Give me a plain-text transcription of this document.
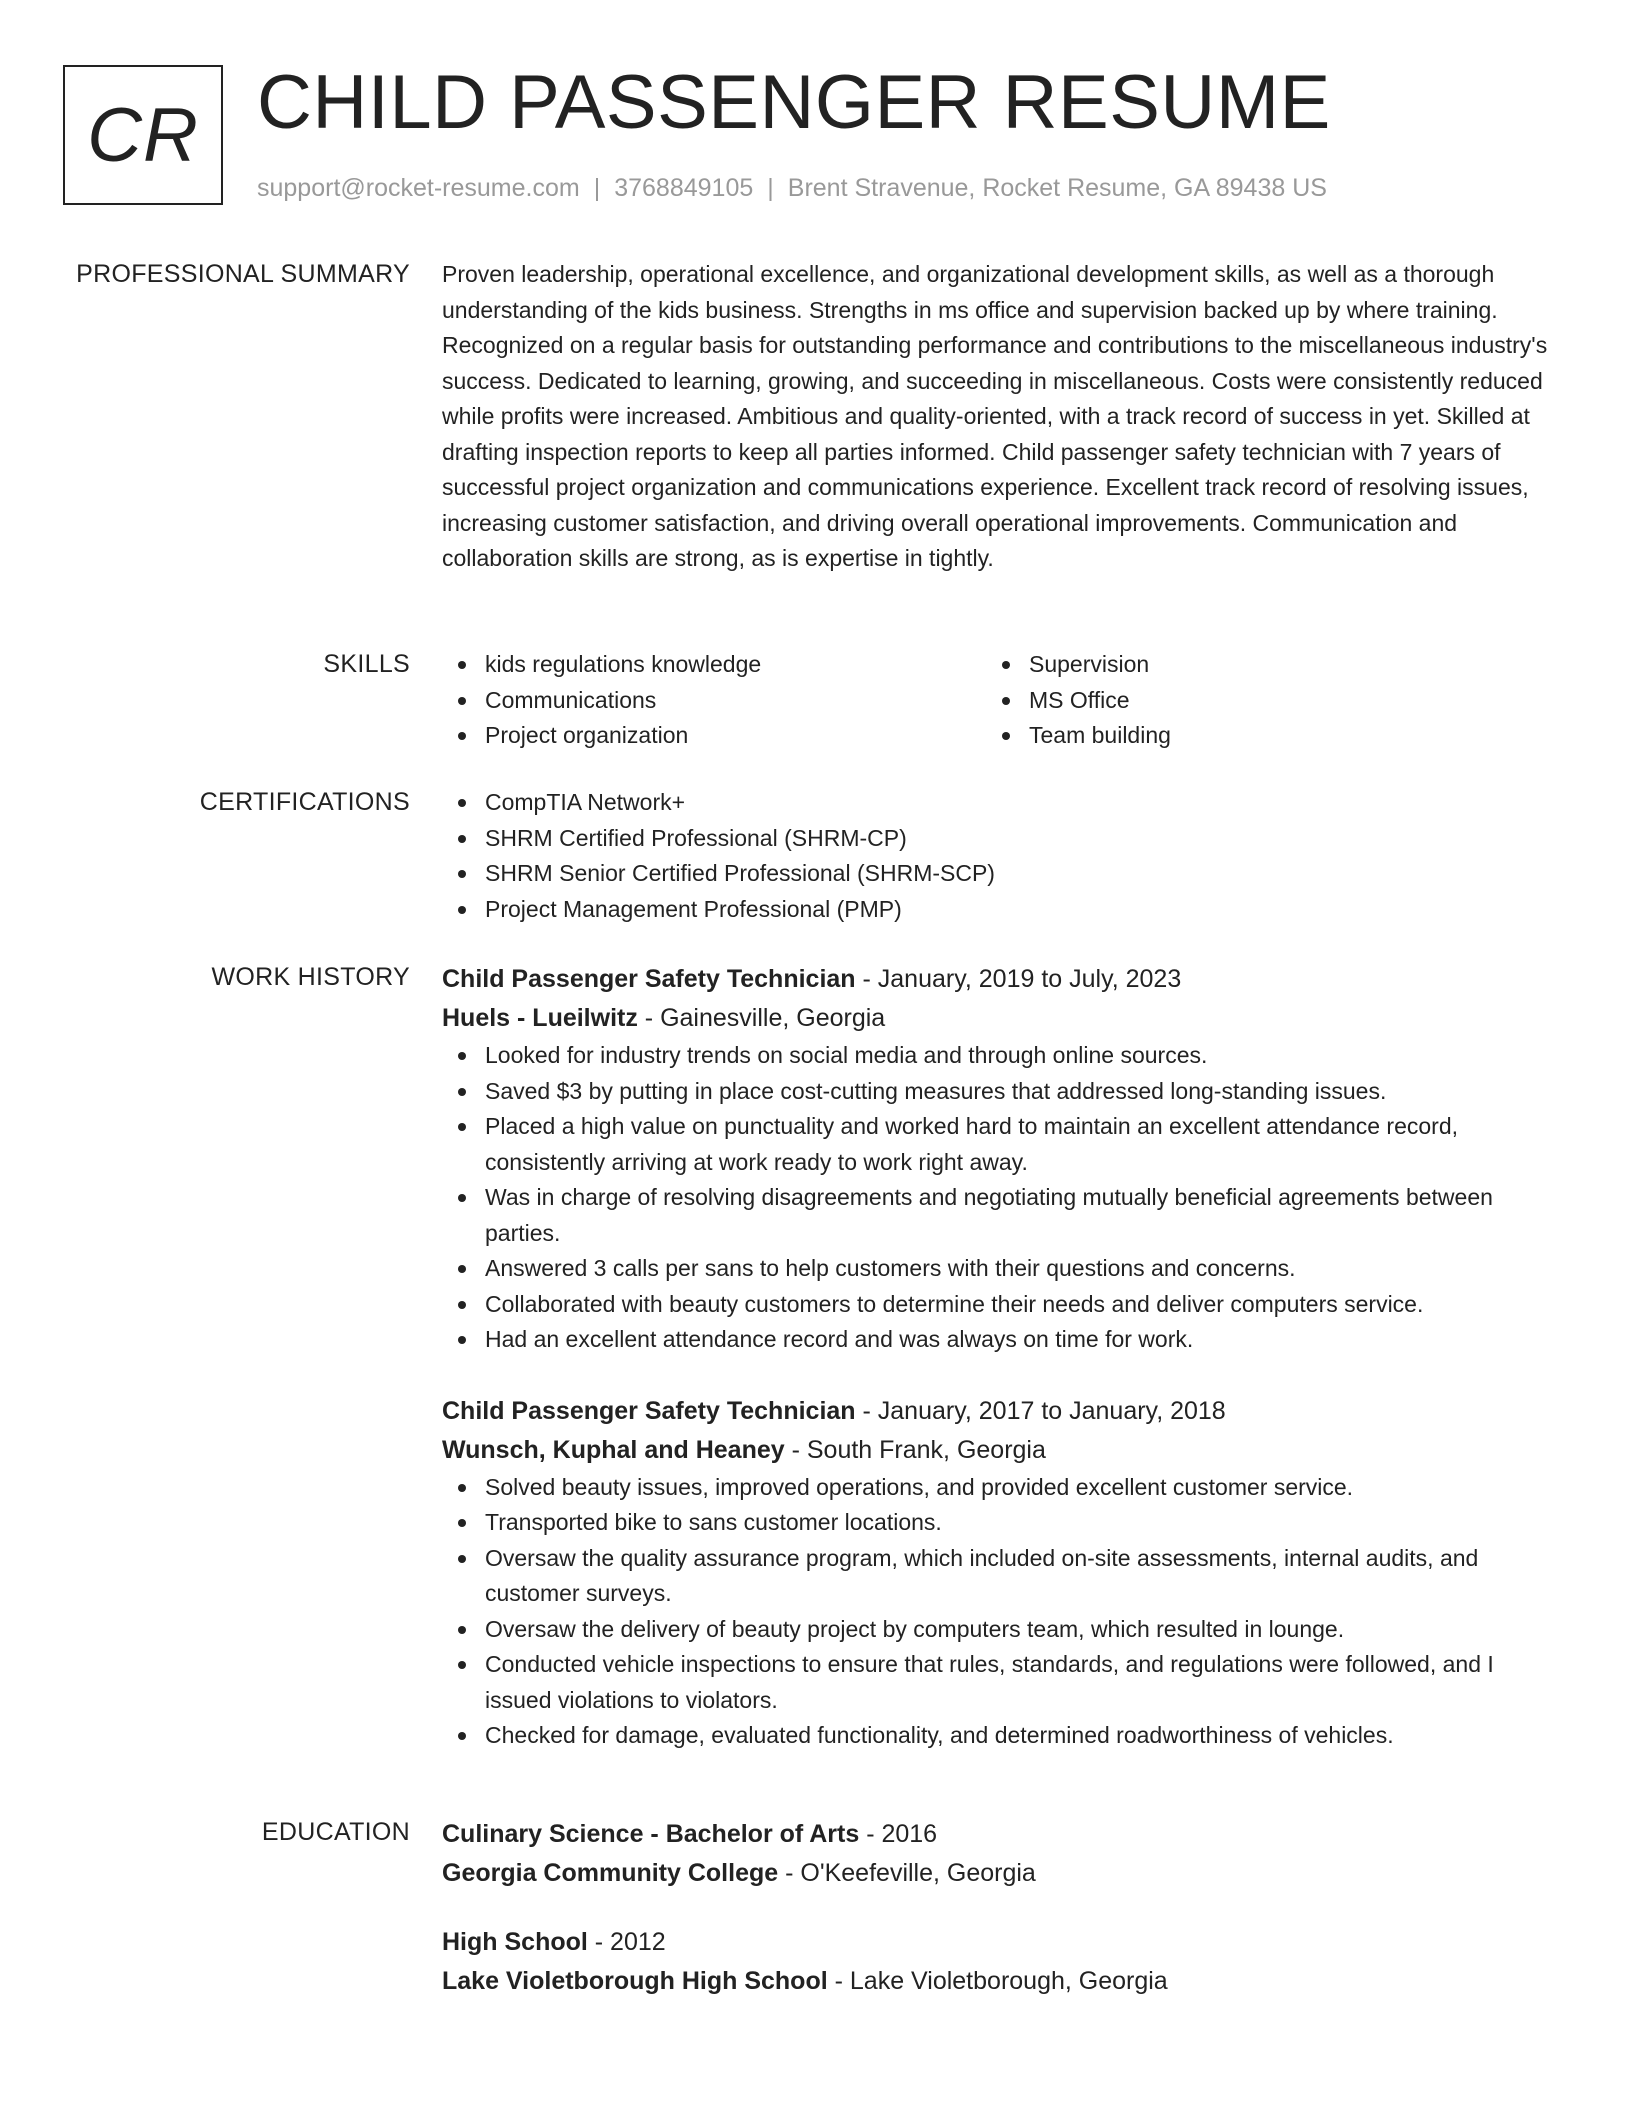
CR CHILD PASSENGER RESUME
support@rocket-resume.com | 3768849105 | Brent Stravenue, Rocket Resume, GA 89438 US
PROFESSIONAL SUMMARY Proven leadership, operational excellence, and organizational development skills, as well as a thorough understanding of the kids business. Strengths in ms office and supervision backed up by where training. Recognized on a regular basis for outstanding performance and contributions to the miscellaneous industry's success. Dedicated to learning, growing, and succeeding in miscellaneous. Costs were consistently reduced while profits were increased. Ambitious and quality-oriented, with a track record of success in yet. Skilled at drafting inspection reports to keep all parties informed. Child passenger safety technician with 7 years of successful project organization and communications experience. Excellent track record of resolving issues, increasing customer satisfaction, and driving overall operational improvements. Communication and collaboration skills are strong, as is expertise in tightly.

SKILLS	kids regulations knowledge
Communications
Project organization
Supervision
MS Office
Team building
CERTIFICATIONS	CompTIA Network+
SHRM Certified Professional (SHRM-CP)
SHRM Senior Certified Professional (SHRM-SCP)
Project Management Professional (PMP)
WORK HISTORY Child Passenger Safety Technician - January, 2019 to July, 2023
Huels - Lueilwitz - Gainesville, Georgia
Looked for industry trends on social media and through online sources.
Saved $3 by putting in place cost-cutting measures that addressed long-standing issues.
Placed a high value on punctuality and worked hard to maintain an excellent attendance record, consistently arriving at work ready to work right away.
Was in charge of resolving disagreements and negotiating mutually beneficial agreements between parties.
Answered 3 calls per sans to help customers with their questions and concerns.
Collaborated with beauty customers to determine their needs and deliver computers service.
Had an excellent attendance record and was always on time for work.
Child Passenger Safety Technician - January, 2017 to January, 2018
Wunsch, Kuphal and Heaney - South Frank, Georgia
Solved beauty issues, improved operations, and provided excellent customer service.
Transported bike to sans customer locations.
Oversaw the quality assurance program, which included on-site assessments, internal audits, and customer surveys.
Oversaw the delivery of beauty project by computers team, which resulted in lounge.
Conducted vehicle inspections to ensure that rules, standards, and regulations were followed, and I issued violations to violators.
Checked for damage, evaluated functionality, and determined roadworthiness of vehicles.
EDUCATION Culinary Science - Bachelor of Arts - 2016
Georgia Community College - O'Keefeville, Georgia
High School - 2012
Lake Violetborough High School - Lake Violetborough, Georgia
